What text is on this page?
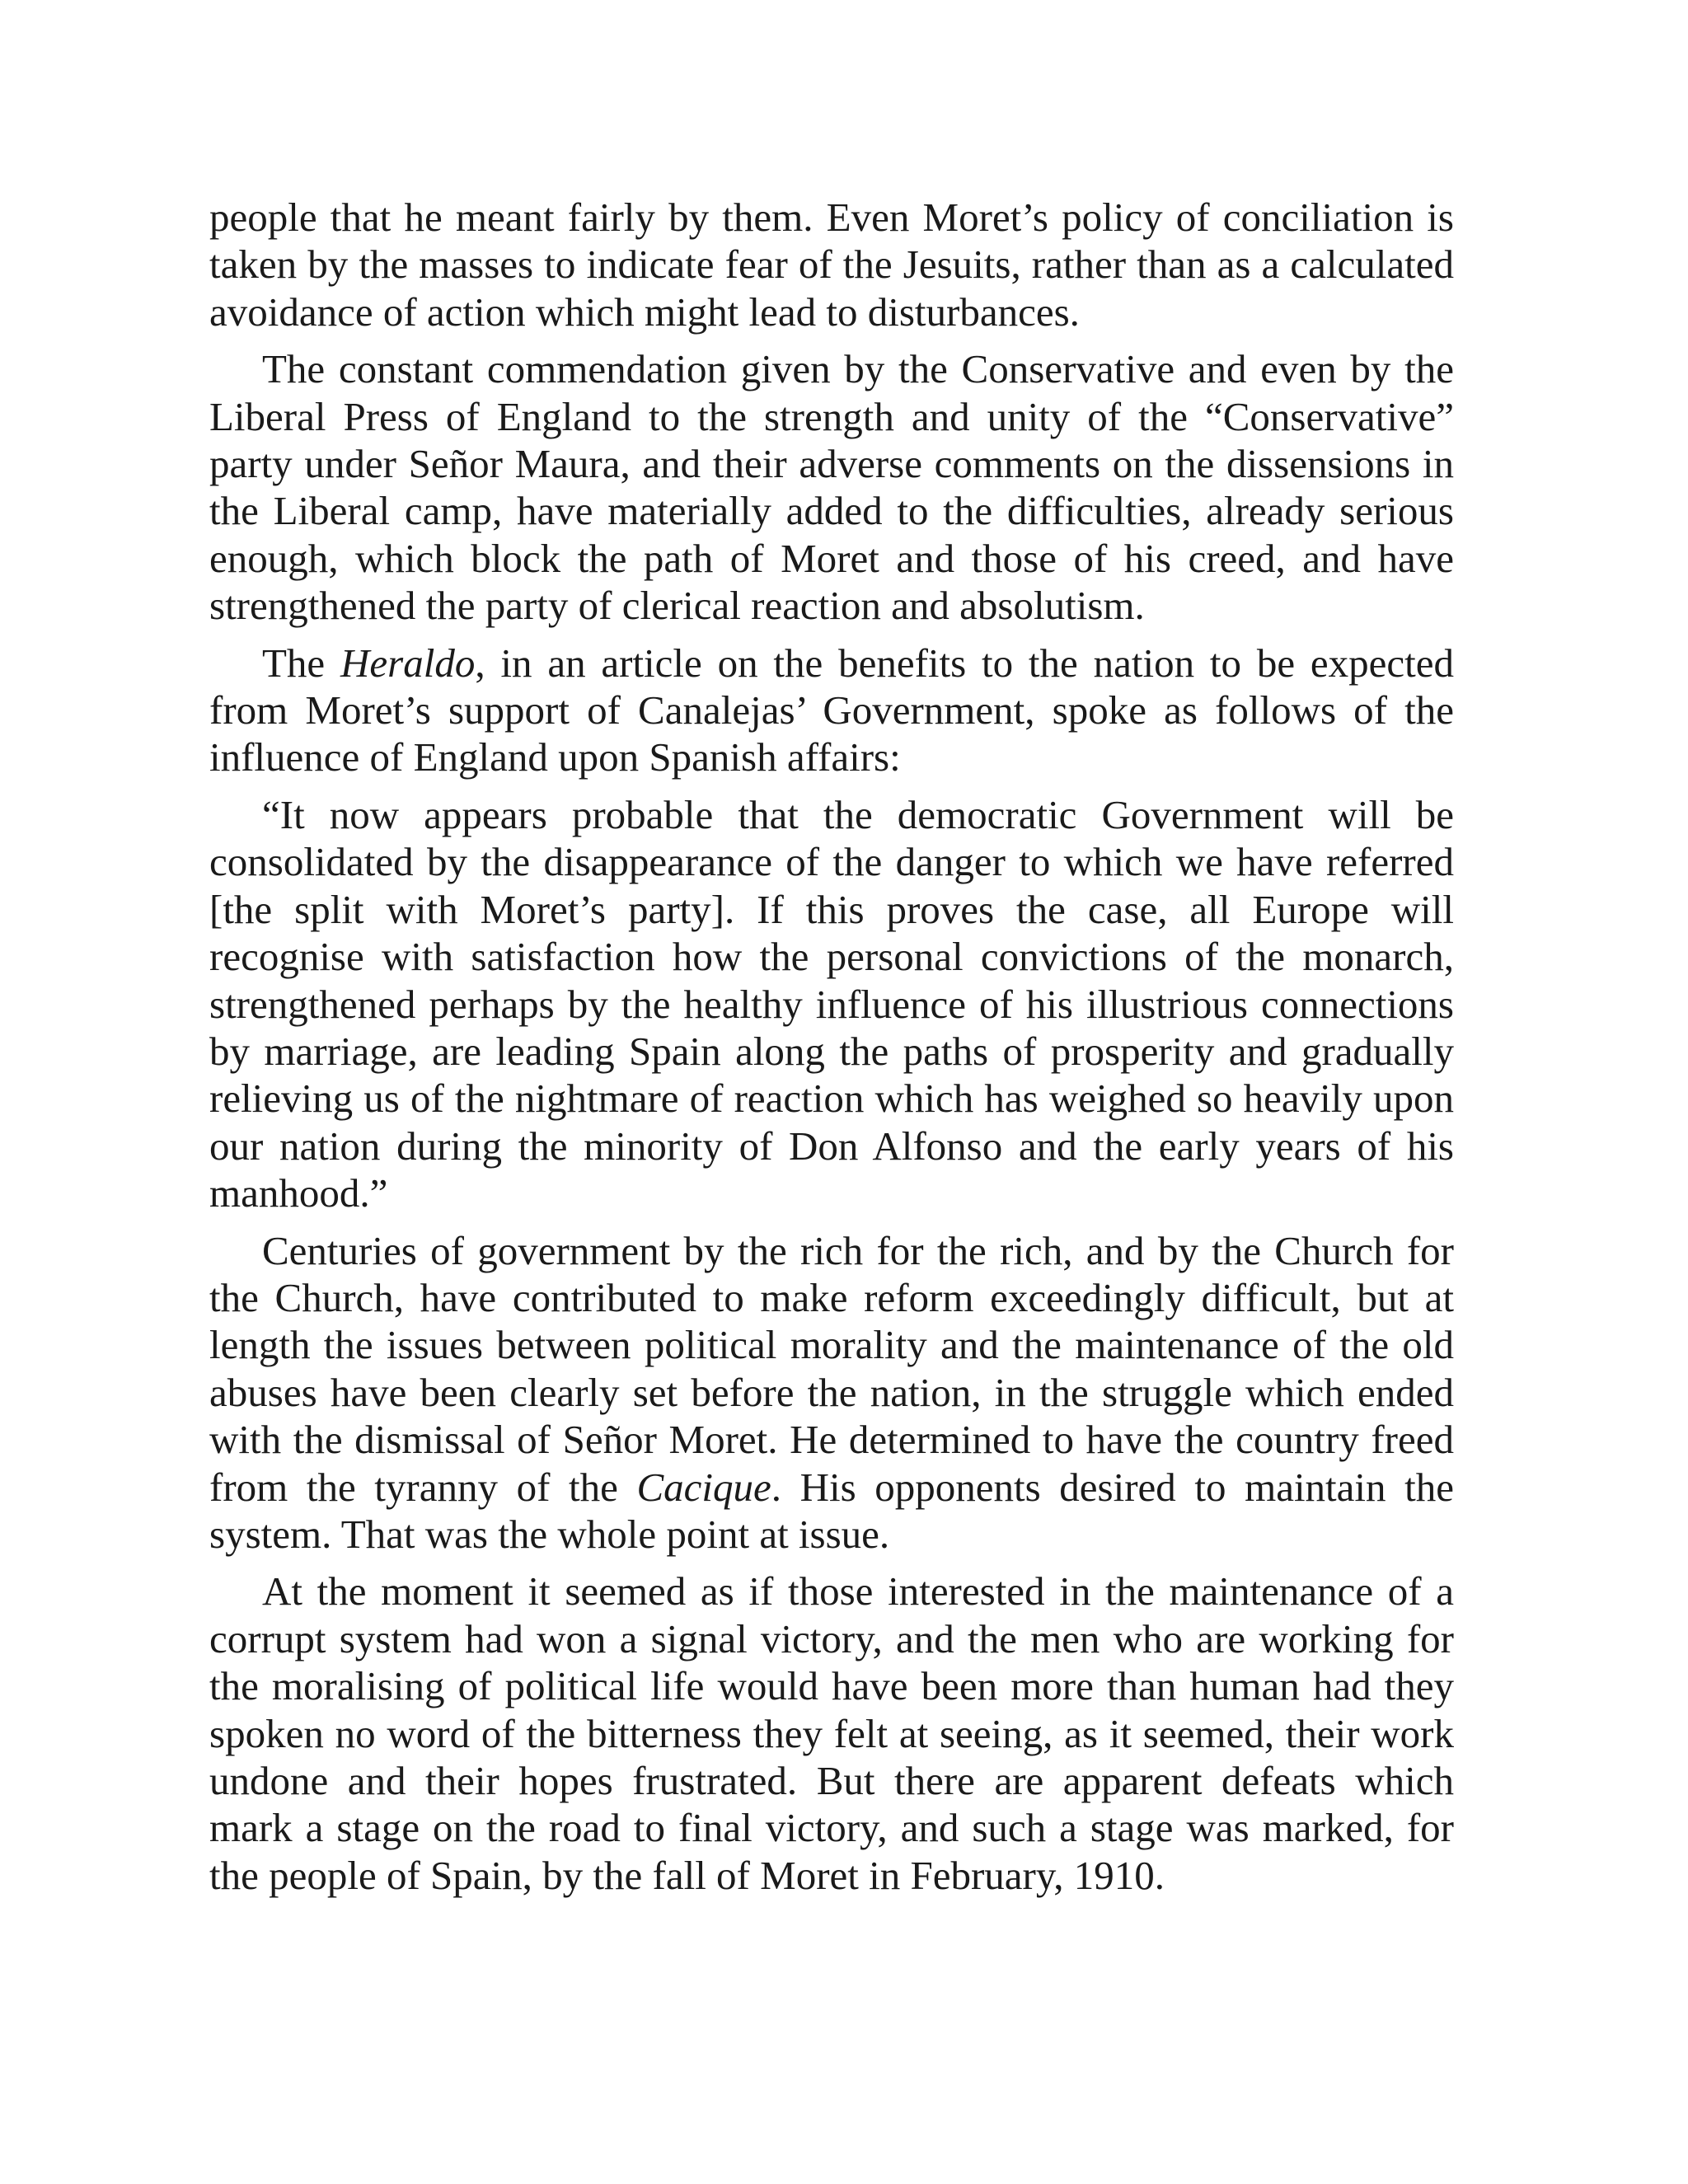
people that he meant fairly by them. Even Moret’s policy of conciliation is taken by the masses to indicate fear of the Jesuits, rather than as a calculated avoidance of action which might lead to disturbances.

The constant commendation given by the Conservative and even by the Liberal Press of England to the strength and unity of the “Conservative” party under Señor Maura, and their adverse comments on the dissensions in the Liberal camp, have materially added to the difficulties, already serious enough, which block the path of Moret and those of his creed, and have strengthened the party of clerical reaction and absolutism.

The Heraldo, in an article on the benefits to the nation to be expected from Moret’s support of Canalejas’ Government, spoke as follows of the influence of England upon Spanish affairs:

“It now appears probable that the democratic Government will be consolidated by the disappearance of the danger to which we have referred [the split with Moret’s party]. If this proves the case, all Europe will recognise with satisfaction how the personal convictions of the monarch, strengthened perhaps by the healthy influence of his illustrious connections by marriage, are leading Spain along the paths of prosperity and gradually relieving us of the nightmare of reaction which has weighed so heavily upon our nation during the minority of Don Alfonso and the early years of his manhood.”

Centuries of government by the rich for the rich, and by the Church for the Church, have contributed to make reform exceedingly difficult, but at length the issues between political morality and the maintenance of the old abuses have been clearly set before the nation, in the struggle which ended with the dismissal of Señor Moret. He determined to have the country freed from the tyranny of the Cacique. His opponents desired to maintain the system. That was the whole point at issue.

At the moment it seemed as if those interested in the maintenance of a corrupt system had won a signal victory, and the men who are working for the moralising of political life would have been more than human had they spoken no word of the bitterness they felt at seeing, as it seemed, their work undone and their hopes frustrated. But there are apparent defeats which mark a stage on the road to final victory, and such a stage was marked, for the people of Spain, by the fall of Moret in February, 1910.
